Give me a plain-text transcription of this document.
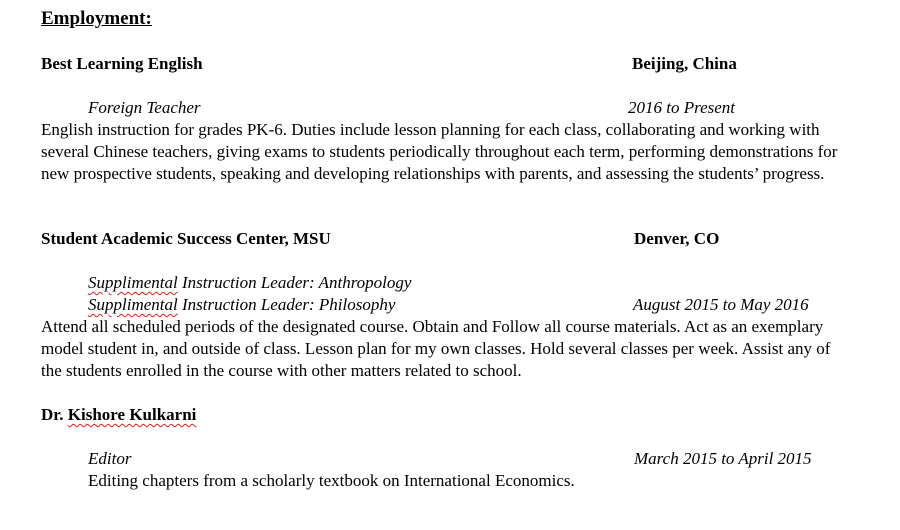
Employment:
Best Learning English	Beijing, China
Foreign Teacher	2016 to Present
English instruction for grades PK-6. Duties include lesson planning for each class, collaborating and working with several Chinese teachers, giving exams to students periodically throughout each term, performing demonstrations for new prospective students, speaking and developing relationships with parents, and assessing the students’ progress.
Student Academic Success Center, MSU	Denver, CO
Supplimental Instruction Leader: Anthropology
Supplimental Instruction Leader: Philosophy	August 2015 to May 2016
Attend all scheduled periods of the designated course. Obtain and Follow all course materials. Act as an exemplary model student in, and outside of class. Lesson plan for my own classes. Hold several classes per week. Assist any of the students enrolled in the course with other matters related to school.
Dr. Kishore Kulkarni
Editor	March 2015 to April 2015
Editing chapters from a scholarly textbook on International Economics.
